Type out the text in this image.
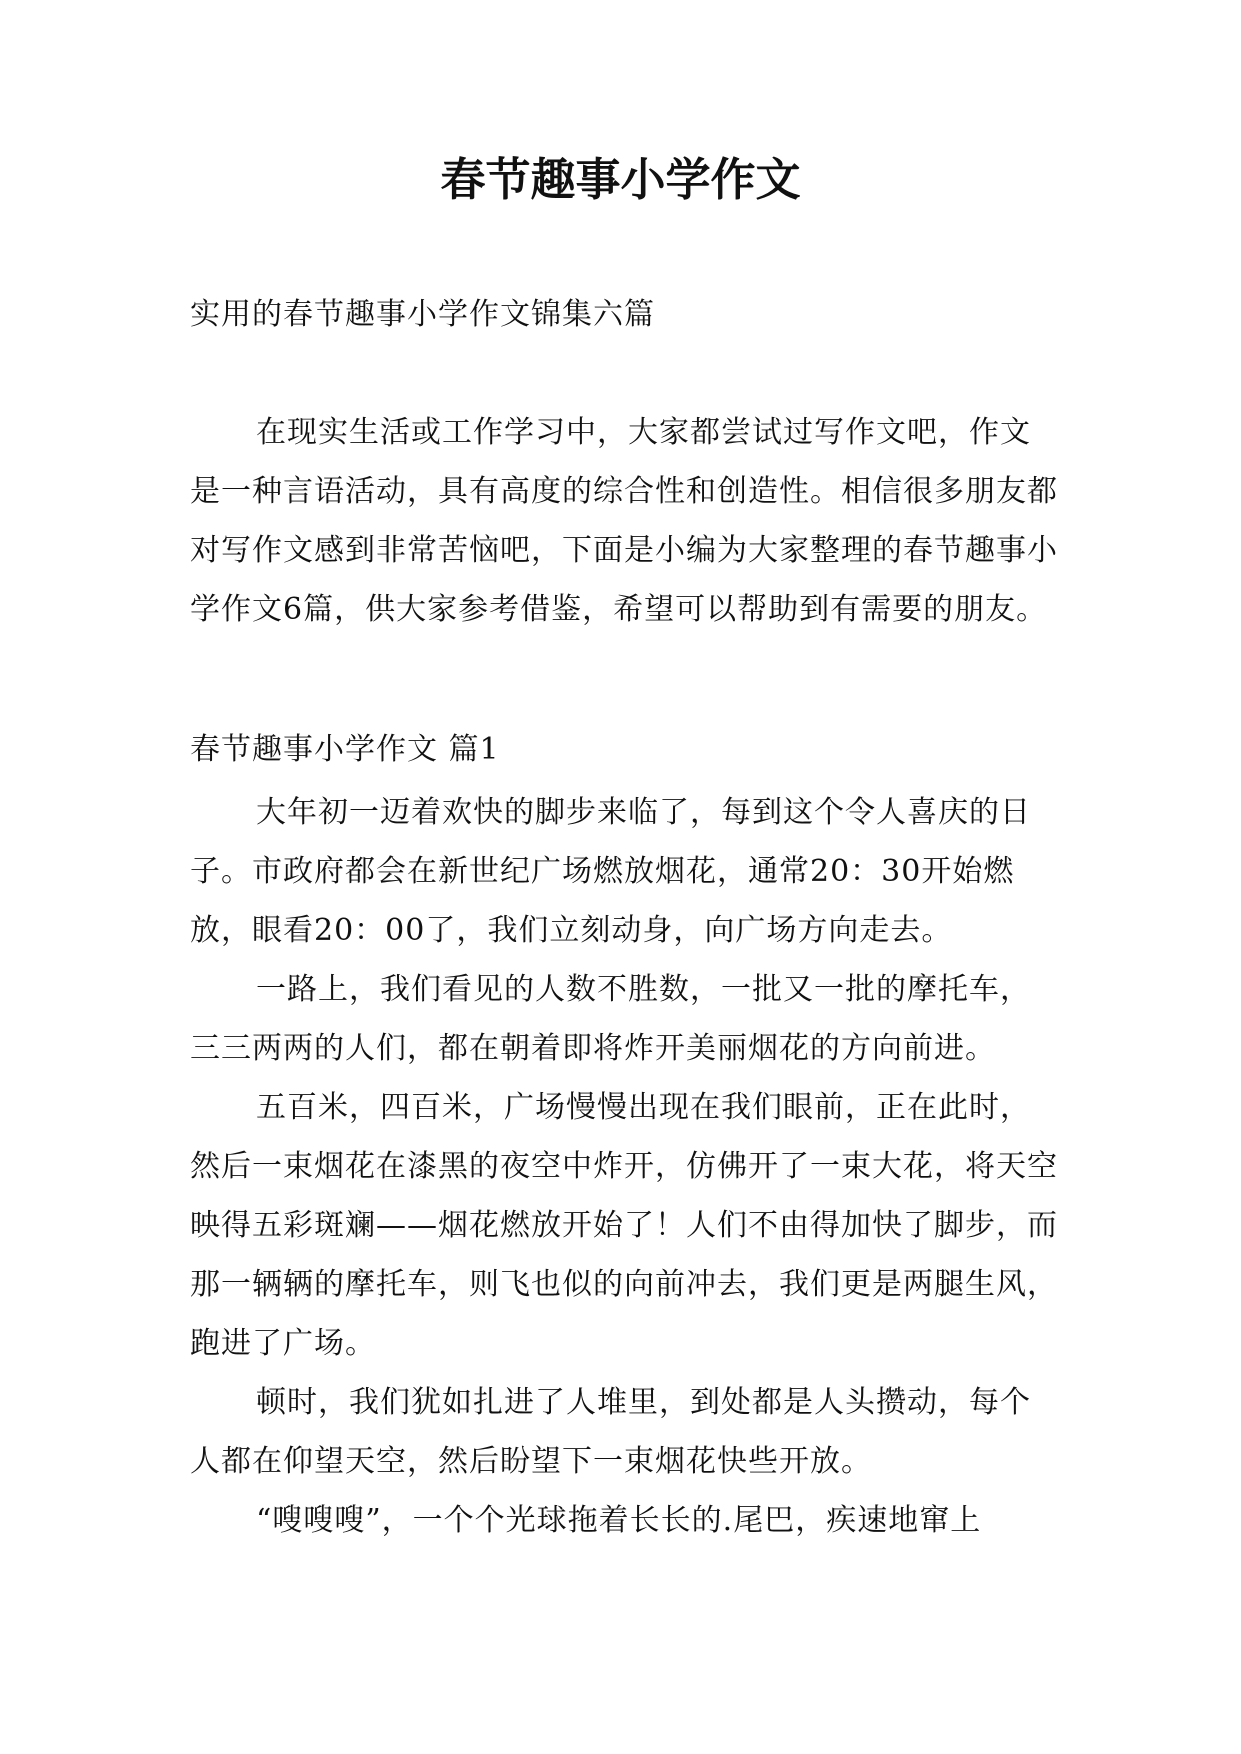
春节趣事小学作文
实用的春节趣事小学作文锦集六篇
在现实生活或工作学习中，大家都尝试过写作文吧，作文是一种言语活动，具有高度的综合性和创造性。相信很多朋友都对写作文感到非常苦恼吧，下面是小编为大家整理的春节趣事小学作文6篇，供大家参考借鉴，希望可以帮助到有需要的朋友。
春节趣事小学作文 篇1

大年初一迈着欢快的脚步来临了，每到这个令人喜庆的日子。市政府都会在新世纪广场燃放烟花，通常20：30开始燃放，眼看20：00了，我们立刻动身，向广场方向走去。

一路上，我们看见的人数不胜数，一批又一批的摩托车，三三两两的人们，都在朝着即将炸开美丽烟花的方向前进。

五百米，四百米，广场慢慢出现在我们眼前，正在此时，然后一束烟花在漆黑的夜空中炸开，仿佛开了一束大花，将天空映得五彩斑斓——烟花燃放开始了！人们不由得加快了脚步，而那一辆辆的摩托车，则飞也似的向前冲去，我们更是两腿生风，跑进了广场。

顿时，我们犹如扎进了人堆里，到处都是人头攒动，每个人都在仰望天空，然后盼望下一束烟花快些开放。

“嗖嗖嗖”，一个个光球拖着长长的.尾巴，疾速地窜上
